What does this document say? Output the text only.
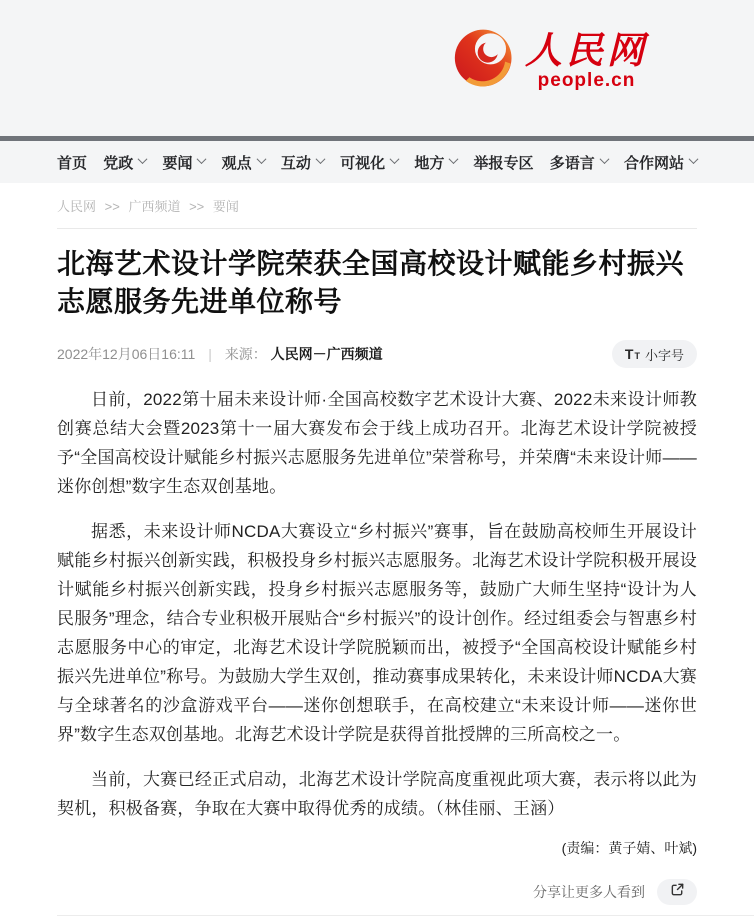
人民网
people.cn
首页 党政 要闻 观点 互动 可视化 地方 举报专区 多语言 合作网站
人民网 >> 广西频道 >> 要闻
北海艺术设计学院荣获全国高校设计赋能乡村振兴志愿服务先进单位称号
2022年12月06日16:11 | 来源： 人民网－广西频道	T T 小字号

日前，2022第十届未来设计师·全国高校数字艺术设计大赛、2022未来设计师教创赛总结大会暨2023第十一届大赛发布会于线上成功召开。北海艺术设计学院被授予“全国高校设计赋能乡村振兴志愿服务先进单位”荣誉称号，并荣膺“未来设计师——迷你创想”数字生态双创基地。

据悉，未来设计师NCDA大赛设立“乡村振兴”赛事，旨在鼓励高校师生开展设计赋能乡村振兴创新实践，积极投身乡村振兴志愿服务。北海艺术设计学院积极开展设计赋能乡村振兴创新实践，投身乡村振兴志愿服务等，鼓励广大师生坚持“设计为人民服务”理念，结合专业积极开展贴合“乡村振兴”的设计创作。经过组委会与智惠乡村志愿服务中心的审定，北海艺术设计学院脱颖而出，被授予“全国高校设计赋能乡村振兴先进单位”称号。为鼓励大学生双创，推动赛事成果转化，未来设计师NCDA大赛与全球著名的沙盒游戏平台——迷你创想联手，在高校建立“未来设计师——迷你世界”数字生态双创基地。北海艺术设计学院是获得首批授牌的三所高校之一。

当前，大赛已经正式启动，北海艺术设计学院高度重视此项大赛，表示将以此为契机，积极备赛，争取在大赛中取得优秀的成绩。（林佳丽、王涵）

(责编：黄子婧、叶斌)
分享让更多人看到
